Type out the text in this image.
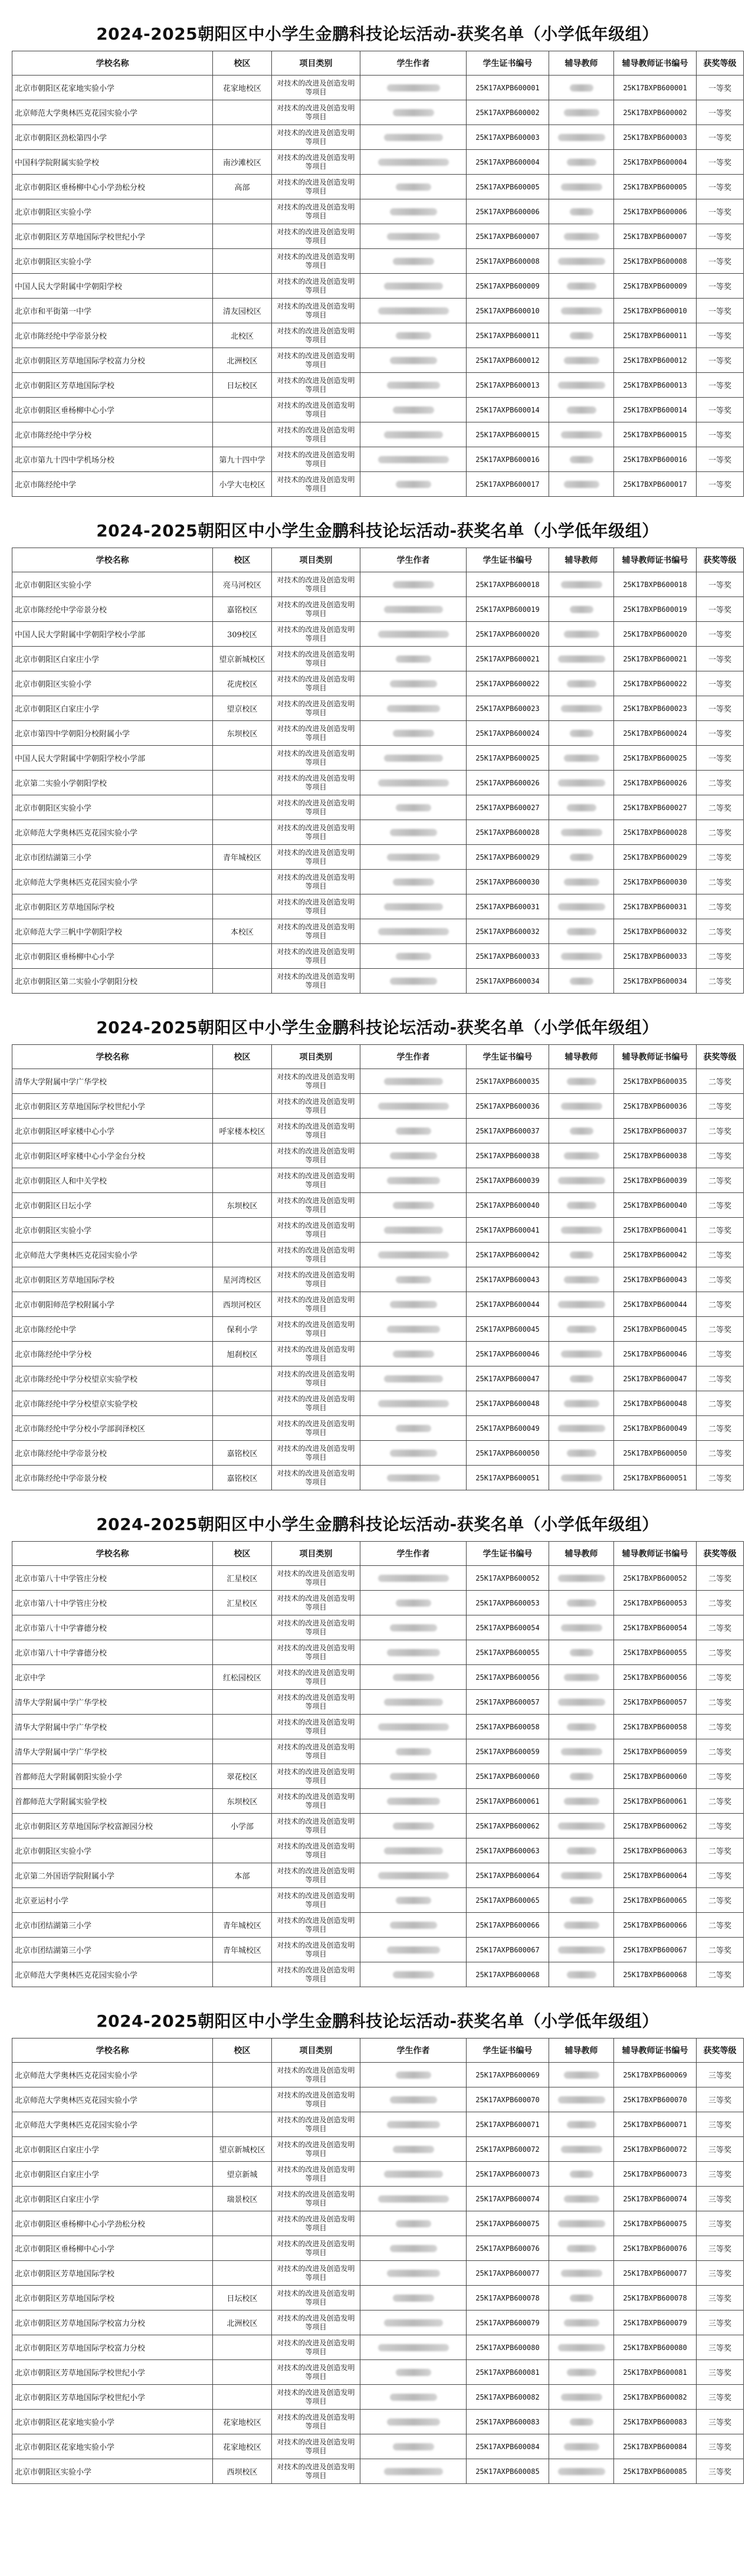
2024-2025朝阳区中小学生金鹏科技论坛活动-获奖名单（小学低年级组）
学校名称	校区	项目类别	学生作者	学生证书编号	辅导教师	辅导教师证书编号	获奖等级
北京市朝阳区花家地实验小学	花家地校区	对技术的改进及创造发明等项目		25K17AXPB600001		25K17BXPB600001	一等奖
北京师范大学奥林匹克花园实验小学		对技术的改进及创造发明等项目		25K17AXPB600002		25K17BXPB600002	一等奖
北京市朝阳区劲松第四小学		对技术的改进及创造发明等项目		25K17AXPB600003		25K17BXPB600003	一等奖
中国科学院附属实验学校	南沙滩校区	对技术的改进及创造发明等项目		25K17AXPB600004		25K17BXPB600004	一等奖
北京市朝阳区垂杨柳中心小学劲松分校	高部	对技术的改进及创造发明等项目		25K17AXPB600005		25K17BXPB600005	一等奖
北京市朝阳区实验小学		对技术的改进及创造发明等项目		25K17AXPB600006		25K17BXPB600006	一等奖
北京市朝阳区芳草地国际学校世纪小学		对技术的改进及创造发明等项目		25K17AXPB600007		25K17BXPB600007	一等奖
北京市朝阳区实验小学		对技术的改进及创造发明等项目		25K17AXPB600008		25K17BXPB600008	一等奖
中国人民大学附属中学朝阳学校		对技术的改进及创造发明等项目		25K17AXPB600009		25K17BXPB600009	一等奖
北京市和平街第一中学	清友园校区	对技术的改进及创造发明等项目		25K17AXPB600010		25K17BXPB600010	一等奖
北京市陈经纶中学帝景分校	北校区	对技术的改进及创造发明等项目		25K17AXPB600011		25K17BXPB600011	一等奖
北京市朝阳区芳草地国际学校富力分校	北洲校区	对技术的改进及创造发明等项目		25K17AXPB600012		25K17BXPB600012	一等奖
北京市朝阳区芳草地国际学校	日坛校区	对技术的改进及创造发明等项目		25K17AXPB600013		25K17BXPB600013	一等奖
北京市朝阳区垂杨柳中心小学		对技术的改进及创造发明等项目		25K17AXPB600014		25K17BXPB600014	一等奖
北京市陈经纶中学分校		对技术的改进及创造发明等项目		25K17AXPB600015		25K17BXPB600015	一等奖
北京市第九十四中学机场分校	第九十四中学	对技术的改进及创造发明等项目		25K17AXPB600016		25K17BXPB600016	一等奖
北京市陈经纶中学	小学大屯校区	对技术的改进及创造发明等项目		25K17AXPB600017		25K17BXPB600017	一等奖
2024-2025朝阳区中小学生金鹏科技论坛活动-获奖名单（小学低年级组）
学校名称	校区	项目类别	学生作者	学生证书编号	辅导教师	辅导教师证书编号	获奖等级
北京市朝阳区实验小学	亮马河校区	对技术的改进及创造发明等项目		25K17AXPB600018		25K17BXPB600018	一等奖
北京市陈经纶中学帝景分校	嘉铭校区	对技术的改进及创造发明等项目		25K17AXPB600019		25K17BXPB600019	一等奖
中国人民大学附属中学朝阳学校小学部	309校区	对技术的改进及创造发明等项目		25K17AXPB600020		25K17BXPB600020	一等奖
北京市朝阳区白家庄小学	望京新城校区	对技术的改进及创造发明等项目		25K17AXPB600021		25K17BXPB600021	一等奖
北京市朝阳区实验小学	花虎校区	对技术的改进及创造发明等项目		25K17AXPB600022		25K17BXPB600022	一等奖
北京市朝阳区白家庄小学	望京校区	对技术的改进及创造发明等项目		25K17AXPB600023		25K17BXPB600023	一等奖
北京市第四中学朝阳分校附属小学	东坝校区	对技术的改进及创造发明等项目		25K17AXPB600024		25K17BXPB600024	一等奖
中国人民大学附属中学朝阳学校小学部		对技术的改进及创造发明等项目		25K17AXPB600025		25K17BXPB600025	一等奖
北京第二实验小学朝阳学校		对技术的改进及创造发明等项目		25K17AXPB600026		25K17BXPB600026	二等奖
北京市朝阳区实验小学		对技术的改进及创造发明等项目		25K17AXPB600027		25K17BXPB600027	二等奖
北京师范大学奥林匹克花园实验小学		对技术的改进及创造发明等项目		25K17AXPB600028		25K17BXPB600028	二等奖
北京市团结湖第三小学	青年城校区	对技术的改进及创造发明等项目		25K17AXPB600029		25K17BXPB600029	二等奖
北京师范大学奥林匹克花园实验小学		对技术的改进及创造发明等项目		25K17AXPB600030		25K17BXPB600030	二等奖
北京市朝阳区芳草地国际学校		对技术的改进及创造发明等项目		25K17AXPB600031		25K17BXPB600031	二等奖
北京师范大学三帆中学朝阳学校	本校区	对技术的改进及创造发明等项目		25K17AXPB600032		25K17BXPB600032	二等奖
北京市朝阳区垂杨柳中心小学		对技术的改进及创造发明等项目		25K17AXPB600033		25K17BXPB600033	二等奖
北京市朝阳区第二实验小学朝阳分校		对技术的改进及创造发明等项目		25K17AXPB600034		25K17BXPB600034	二等奖
2024-2025朝阳区中小学生金鹏科技论坛活动-获奖名单（小学低年级组）
学校名称	校区	项目类别	学生作者	学生证书编号	辅导教师	辅导教师证书编号	获奖等级
清华大学附属中学广华学校		对技术的改进及创造发明等项目		25K17AXPB600035		25K17BXPB600035	二等奖
北京市朝阳区芳草地国际学校世纪小学		对技术的改进及创造发明等项目		25K17AXPB600036		25K17BXPB600036	二等奖
北京市朝阳区呼家楼中心小学	呼家楼本校区	对技术的改进及创造发明等项目		25K17AXPB600037		25K17BXPB600037	二等奖
北京市朝阳区呼家楼中心小学金台分校		对技术的改进及创造发明等项目		25K17AXPB600038		25K17BXPB600038	二等奖
北京市朝阳区人和中关学校		对技术的改进及创造发明等项目		25K17AXPB600039		25K17BXPB600039	二等奖
北京市朝阳区日坛小学	东坝校区	对技术的改进及创造发明等项目		25K17AXPB600040		25K17BXPB600040	二等奖
北京市朝阳区实验小学		对技术的改进及创造发明等项目		25K17AXPB600041		25K17BXPB600041	二等奖
北京师范大学奥林匹克花园实验小学		对技术的改进及创造发明等项目		25K17AXPB600042		25K17BXPB600042	二等奖
北京市朝阳区芳草地国际学校	星河湾校区	对技术的改进及创造发明等项目		25K17AXPB600043		25K17BXPB600043	二等奖
北京市朝阳师范学校附属小学	西坝河校区	对技术的改进及创造发明等项目		25K17AXPB600044		25K17BXPB600044	二等奖
北京市陈经纶中学	保利小学	对技术的改进及创造发明等项目		25K17AXPB600045		25K17BXPB600045	二等奖
北京市陈经纶中学分校	旭刹校区	对技术的改进及创造发明等项目		25K17AXPB600046		25K17BXPB600046	二等奖
北京市陈经纶中学分校望京实验学校		对技术的改进及创造发明等项目		25K17AXPB600047		25K17BXPB600047	二等奖
北京市陈经纶中学分校望京实验学校		对技术的改进及创造发明等项目		25K17AXPB600048		25K17BXPB600048	二等奖
北京市陈经纶中学分校小学部润泽校区		对技术的改进及创造发明等项目		25K17AXPB600049		25K17BXPB600049	二等奖
北京市陈经纶中学帝景分校	嘉铭校区	对技术的改进及创造发明等项目		25K17AXPB600050		25K17BXPB600050	二等奖
北京市陈经纶中学帝景分校	嘉铭校区	对技术的改进及创造发明等项目		25K17AXPB600051		25K17BXPB600051	二等奖
2024-2025朝阳区中小学生金鹏科技论坛活动-获奖名单（小学低年级组）
学校名称	校区	项目类别	学生作者	学生证书编号	辅导教师	辅导教师证书编号	获奖等级
北京市第八十中学管庄分校	汇星校区	对技术的改进及创造发明等项目		25K17AXPB600052		25K17BXPB600052	二等奖
北京市第八十中学管庄分校	汇星校区	对技术的改进及创造发明等项目		25K17AXPB600053		25K17BXPB600053	二等奖
北京市第八十中学睿德分校		对技术的改进及创造发明等项目		25K17AXPB600054		25K17BXPB600054	二等奖
北京市第八十中学睿德分校		对技术的改进及创造发明等项目		25K17AXPB600055		25K17BXPB600055	二等奖
北京中学	红松园校区	对技术的改进及创造发明等项目		25K17AXPB600056		25K17BXPB600056	二等奖
清华大学附属中学广华学校		对技术的改进及创造发明等项目		25K17AXPB600057		25K17BXPB600057	二等奖
清华大学附属中学广华学校		对技术的改进及创造发明等项目		25K17AXPB600058		25K17BXPB600058	二等奖
清华大学附属中学广华学校		对技术的改进及创造发明等项目		25K17AXPB600059		25K17BXPB600059	二等奖
首都师范大学附属朝阳实验小学	翠花校区	对技术的改进及创造发明等项目		25K17AXPB600060		25K17BXPB600060	二等奖
首都师范大学附属实验学校	东坝校区	对技术的改进及创造发明等项目		25K17AXPB600061		25K17BXPB600061	二等奖
北京市朝阳区芳草地国际学校富源园分校	小学部	对技术的改进及创造发明等项目		25K17AXPB600062		25K17BXPB600062	二等奖
北京市朝阳区实验小学		对技术的改进及创造发明等项目		25K17AXPB600063		25K17BXPB600063	二等奖
北京第二外国语学院附属小学	本部	对技术的改进及创造发明等项目		25K17AXPB600064		25K17BXPB600064	二等奖
北京亚运村小学		对技术的改进及创造发明等项目		25K17AXPB600065		25K17BXPB600065	二等奖
北京市团结湖第三小学	青年城校区	对技术的改进及创造发明等项目		25K17AXPB600066		25K17BXPB600066	二等奖
北京市团结湖第三小学	青年城校区	对技术的改进及创造发明等项目		25K17AXPB600067		25K17BXPB600067	二等奖
北京师范大学奥林匹克花园实验小学		对技术的改进及创造发明等项目		25K17AXPB600068		25K17BXPB600068	二等奖
2024-2025朝阳区中小学生金鹏科技论坛活动-获奖名单（小学低年级组）
学校名称	校区	项目类别	学生作者	学生证书编号	辅导教师	辅导教师证书编号	获奖等级
北京师范大学奥林匹克花园实验小学		对技术的改进及创造发明等项目		25K17AXPB600069		25K17BXPB600069	三等奖
北京师范大学奥林匹克花园实验小学		对技术的改进及创造发明等项目		25K17AXPB600070		25K17BXPB600070	三等奖
北京师范大学奥林匹克花园实验小学		对技术的改进及创造发明等项目		25K17AXPB600071		25K17BXPB600071	三等奖
北京市朝阳区白家庄小学	望京新城校区	对技术的改进及创造发明等项目		25K17AXPB600072		25K17BXPB600072	三等奖
北京市朝阳区白家庄小学	望京新城	对技术的改进及创造发明等项目		25K17AXPB600073		25K17BXPB600073	三等奖
北京市朝阳区白家庄小学	瑞景校区	对技术的改进及创造发明等项目		25K17AXPB600074		25K17BXPB600074	三等奖
北京市朝阳区垂杨柳中心小学劲松分校		对技术的改进及创造发明等项目		25K17AXPB600075		25K17BXPB600075	三等奖
北京市朝阳区垂杨柳中心小学		对技术的改进及创造发明等项目		25K17AXPB600076		25K17BXPB600076	三等奖
北京市朝阳区芳草地国际学校		对技术的改进及创造发明等项目		25K17AXPB600077		25K17BXPB600077	三等奖
北京市朝阳区芳草地国际学校	日坛校区	对技术的改进及创造发明等项目		25K17AXPB600078		25K17BXPB600078	三等奖
北京市朝阳区芳草地国际学校富力分校	北洲校区	对技术的改进及创造发明等项目		25K17AXPB600079		25K17BXPB600079	三等奖
北京市朝阳区芳草地国际学校富力分校		对技术的改进及创造发明等项目		25K17AXPB600080		25K17BXPB600080	三等奖
北京市朝阳区芳草地国际学校世纪小学		对技术的改进及创造发明等项目		25K17AXPB600081		25K17BXPB600081	三等奖
北京市朝阳区芳草地国际学校世纪小学		对技术的改进及创造发明等项目		25K17AXPB600082		25K17BXPB600082	三等奖
北京市朝阳区花家地实验小学	花家地校区	对技术的改进及创造发明等项目		25K17AXPB600083		25K17BXPB600083	三等奖
北京市朝阳区花家地实验小学	花家地校区	对技术的改进及创造发明等项目		25K17AXPB600084		25K17BXPB600084	三等奖
北京市朝阳区实验小学	西坝校区	对技术的改进及创造发明等项目		25K17AXPB600085		25K17BXPB600085	三等奖
